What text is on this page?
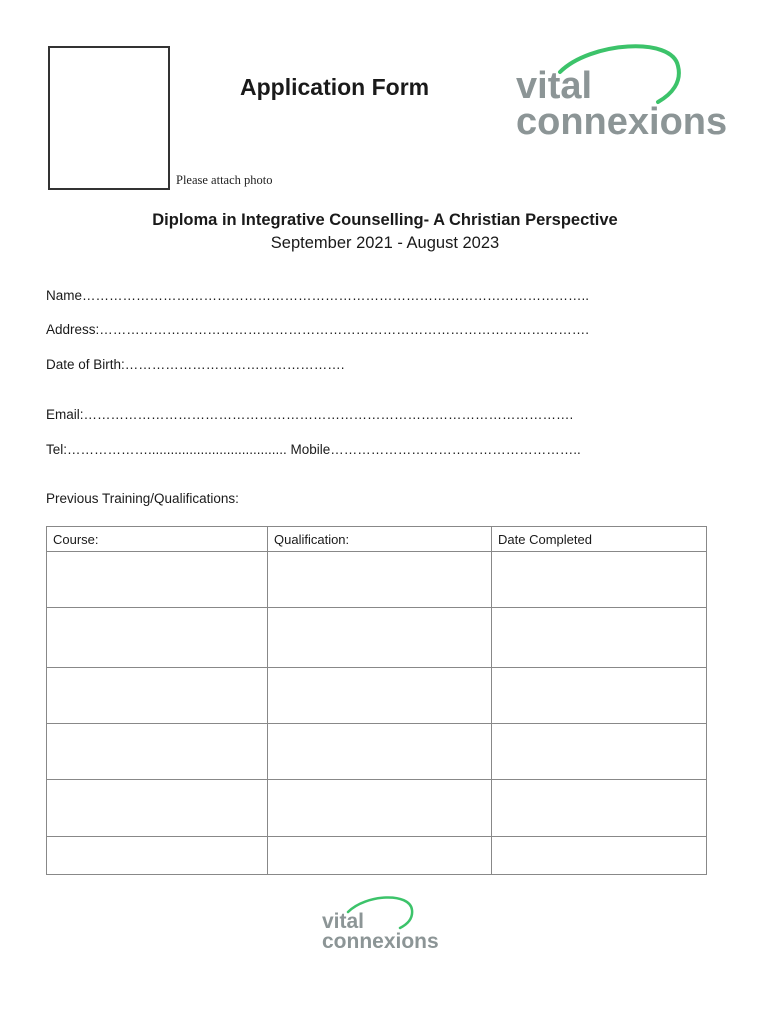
Please attach photo
Application Form vital
connexions
Diploma in Integrative Counselling- A Christian Perspective
September 2021 - August 2023
Name…………………………………………………………………………………………………..
Address:……………………………………………………………………………………………….
Date of Birth:………………………………………….
Email:……………………………………………………………………………………………….
Tel:………………..................................... Mobile………………………………………………..
Previous Training/Qualifications:
Course:	Qualification:	Date Completed

vital
connexions
